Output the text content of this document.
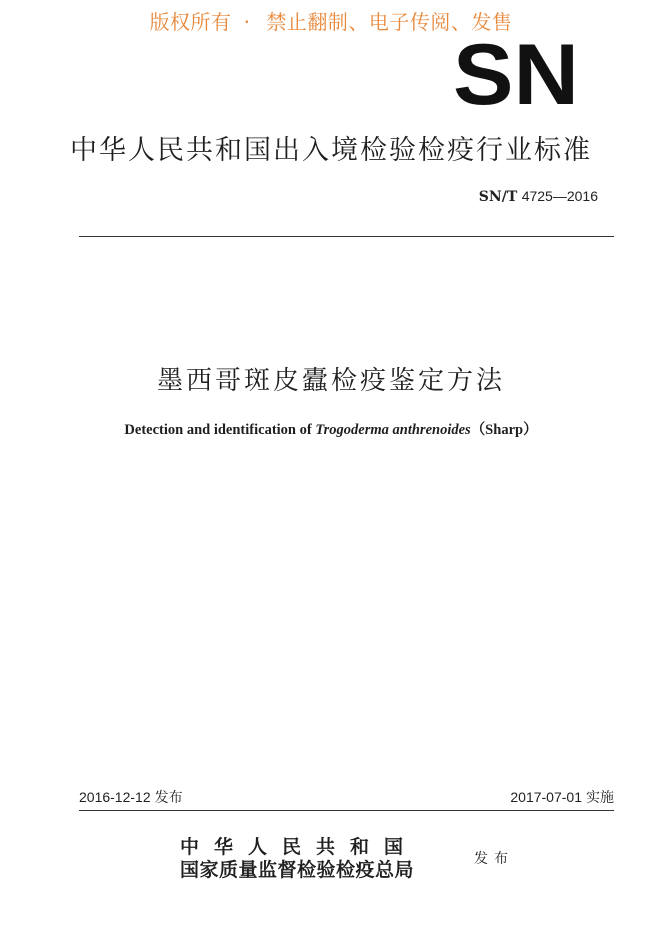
版权所有 · 禁止翻制、电子传阅、发售
SN
中华人民共和国出入境检验检疫行业标准
SN/T 4725—2016
墨西哥斑皮蠹检疫鉴定方法
Detection and identification of Trogoderma anthrenoides（Sharp）
2016-12-12 发布	2017-07-01 实施
中华人民共和国
国家质量监督检验检疫总局	发布
